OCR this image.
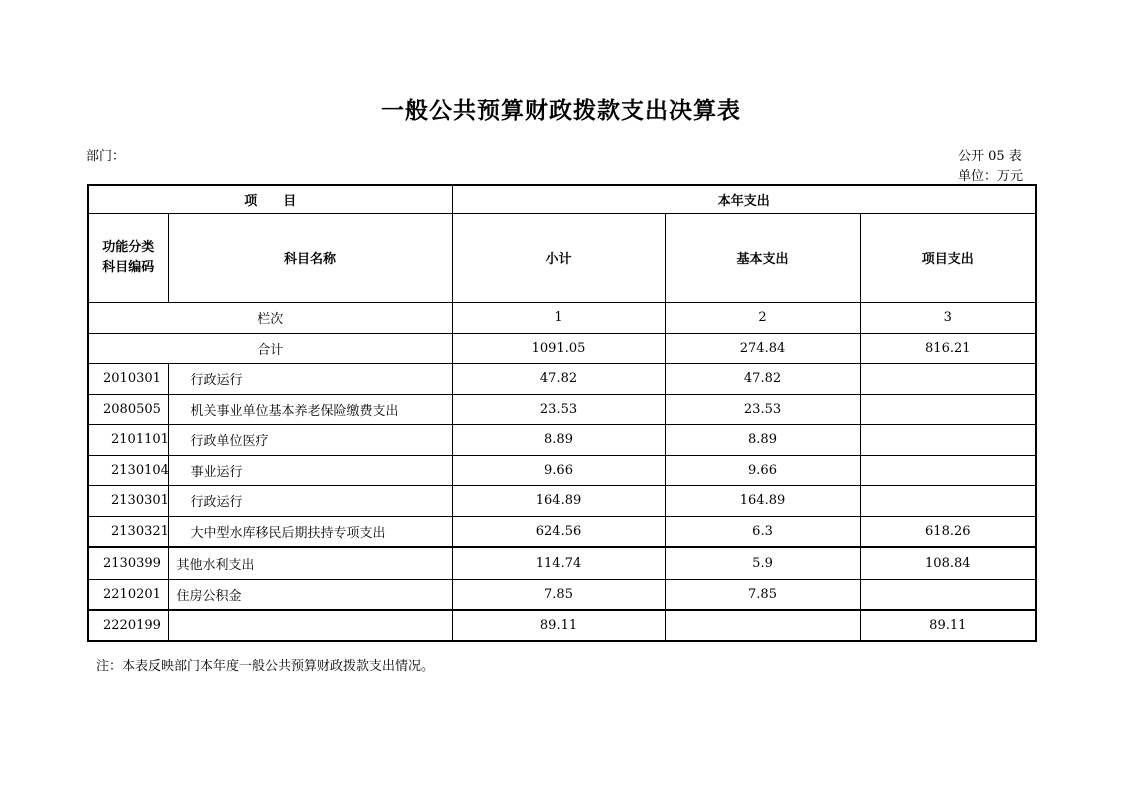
一般公共预算财政拨款支出决算表
部门：	公开 05 表
单位：万元
项　　目		本年支出		
功能分类科目编码	科目名称	小计	基本支出	项目支出
栏次		1	2	3
合计		1091.05	274.84	816.21
2010301	行政运行	47.82	47.82	
2080505	机关事业单位基本养老保险缴费支出	23.53	23.53	
2101101	行政单位医疗	8.89	8.89	
2130104	事业运行	9.66	9.66	
2130301	行政运行	164.89	164.89	
2130321	大中型水库移民后期扶持专项支出	624.56	6.3	618.26
2130399	其他水利支出	114.74	5.9	108.84
2210201	住房公积金	7.85	7.85	
2220199		89.11		89.11
注：本表反映部门本年度一般公共预算财政拨款支出情况。
